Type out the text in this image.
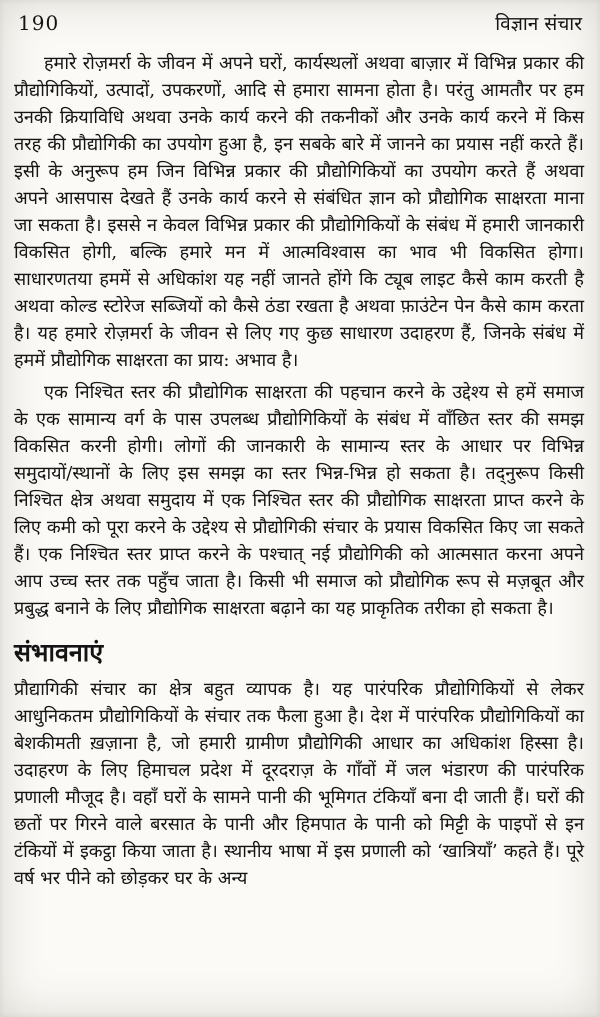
190	विज्ञान संचार

हमारे रोज़मर्रा के जीवन में अपने घरों, कार्यस्थलों अथवा बाज़ार में विभिन्न प्रकार की प्रौद्योगिकियों, उत्पादों, उपकरणों, आदि से हमारा सामना होता है। परंतु आमतौर पर हम उनकी क्रियाविधि अथवा उनके कार्य करने की तकनीकों और उनके कार्य करने में किस तरह की प्रौद्योगिकी का उपयोग हुआ है, इन सबके बारे में जानने का प्रयास नहीं करते हैं। इसी के अनुरूप हम जिन विभिन्न प्रकार की प्रौद्योगिकियों का उपयोग करते हैं अथवा अपने आसपास देखते हैं उनके कार्य करने से संबंधित ज्ञान को प्रौद्योगिक साक्षरता माना जा सकता है। इससे न केवल विभिन्न प्रकार की प्रौद्योगिकियों के संबंध में हमारी जानकारी विकसित होगी, बल्कि हमारे मन में आत्मविश्वास का भाव भी विकसित होगा। साधारणतया हममें से अधिकांश यह नहीं जानते होंगे कि ट्यूब लाइट कैसे काम करती है अथवा कोल्ड स्टोरेज सब्जियों को कैसे ठंडा रखता है अथवा फ़ाउंटेन पेन कैसे काम करता है। यह हमारे रोज़मर्रा के जीवन से लिए गए कुछ साधारण उदाहरण हैं, जिनके संबंध में हममें प्रौद्योगिक साक्षरता का प्राय: अभाव है।

एक निश्चित स्तर की प्रौद्योगिक साक्षरता की पहचान करने के उद्देश्य से हमें समाज के एक सामान्य वर्ग के पास उपलब्ध प्रौद्योगिकियों के संबंध में वाँछित स्तर की समझ विकसित करनी होगी। लोगों की जानकारी के सामान्य स्तर के आधार पर विभिन्न समुदायों/स्थानों के लिए इस समझ का स्तर भिन्न-भिन्न हो सकता है। तद्नुरूप किसी निश्चित क्षेत्र अथवा समुदाय में एक निश्चित स्तर की प्रौद्योगिक साक्षरता प्राप्त करने के लिए कमी को पूरा करने के उद्देश्य से प्रौद्योगिकी संचार के प्रयास विकसित किए जा सकते हैं। एक निश्चित स्तर प्राप्त करने के पश्चात् नई प्रौद्योगिकी को आत्मसात करना अपने आप उच्च स्तर तक पहुँच जाता है। किसी भी समाज को प्रौद्योगिक रूप से मज़बूत और प्रबुद्ध बनाने के लिए प्रौद्योगिक साक्षरता बढ़ाने का यह प्राकृतिक तरीका हो सकता है।

संभावनाएं

प्रौद्यागिकी संचार का क्षेत्र बहुत व्यापक है। यह पारंपरिक प्रौद्योगिकियों से लेकर आधुनिकतम प्रौद्योगिकियों के संचार तक फैला हुआ है। देश में पारंपरिक प्रौद्योगिकियों का बेशकीमती ख़ज़ाना है, जो हमारी ग्रामीण प्रौद्योगिकी आधार का अधिकांश हिस्सा है। उदाहरण के लिए हिमाचल प्रदेश में दूरदराज़ के गाँवों में जल भंडारण की पारंपरिक प्रणाली मौजूद है। वहाँ घरों के सामने पानी की भूमिगत टंकियाँ बना दी जाती हैं। घरों की छतों पर गिरने वाले बरसात के पानी और हिमपात के पानी को मिट्टी के पाइपों से इन टंकियों में इकट्ठा किया जाता है। स्थानीय भाषा में इस प्रणाली को ‘खात्रियाँ’ कहते हैं। पूरे वर्ष भर पीने को छोड़कर घर के अन्य
